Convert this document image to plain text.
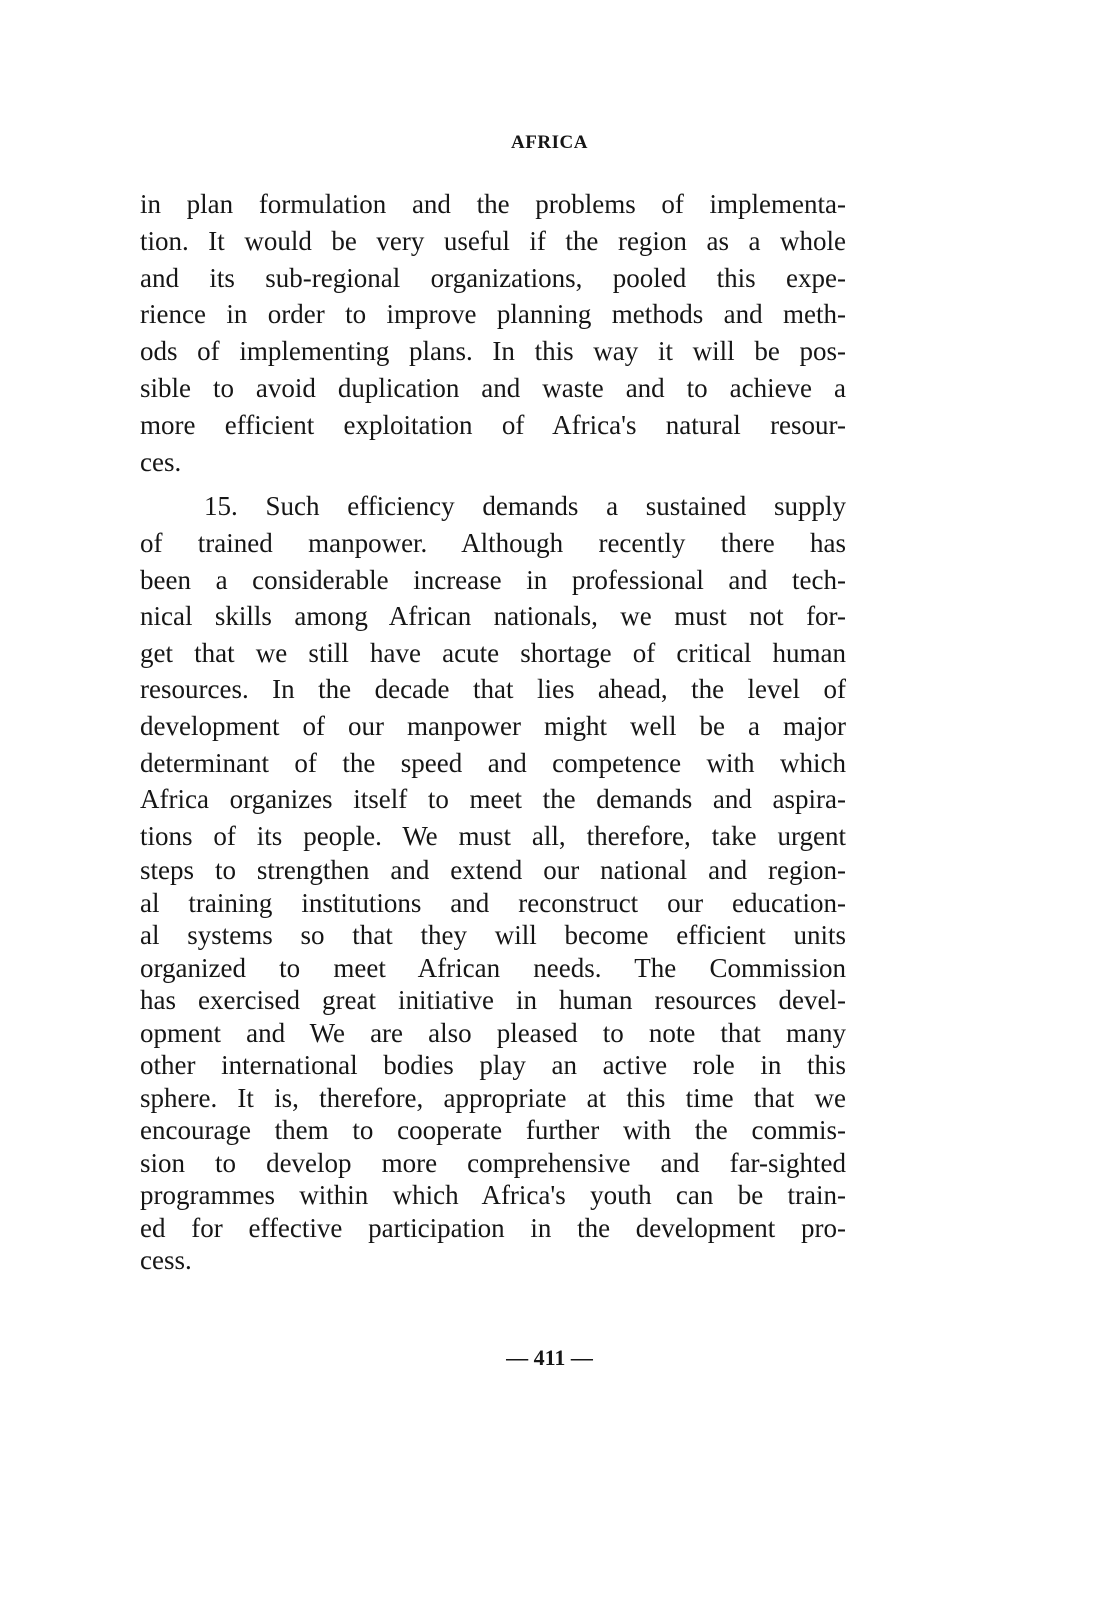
AFRICA
in plan formulation and the problems of implementa-
tion. It would be very useful if the region as a whole
and its sub-regional organizations, pooled this expe-
rience in order to improve planning methods and meth-
ods of implementing plans. In this way it will be pos-
sible to avoid duplication and waste and to achieve a
more efficient exploitation of Africa's natural resour-
ces.
15. Such efficiency demands a sustained supply
of trained manpower. Although recently there has
been a considerable increase in professional and tech-
nical skills among African nationals, we must not for-
get that we still have acute shortage of critical human
resources. In the decade that lies ahead, the level of
development of our manpower might well be a major
determinant of the speed and competence with which
Africa organizes itself to meet the demands and aspira-
tions of its people. We must all, therefore, take urgent
steps to strengthen and extend our national and region-
al training institutions and reconstruct our education-
al systems so that they will become efficient units
organized to meet African needs. The Commission
has exercised great initiative in human resources devel-
opment and We are also pleased to note that many
other international bodies play an active role in this
sphere. It is, therefore, appropriate at this time that we
encourage them to cooperate further with the commis-
sion to develop more comprehensive and far-sighted
programmes within which Africa's youth can be train-
ed for effective participation in the development pro-
cess.
— 411 —
